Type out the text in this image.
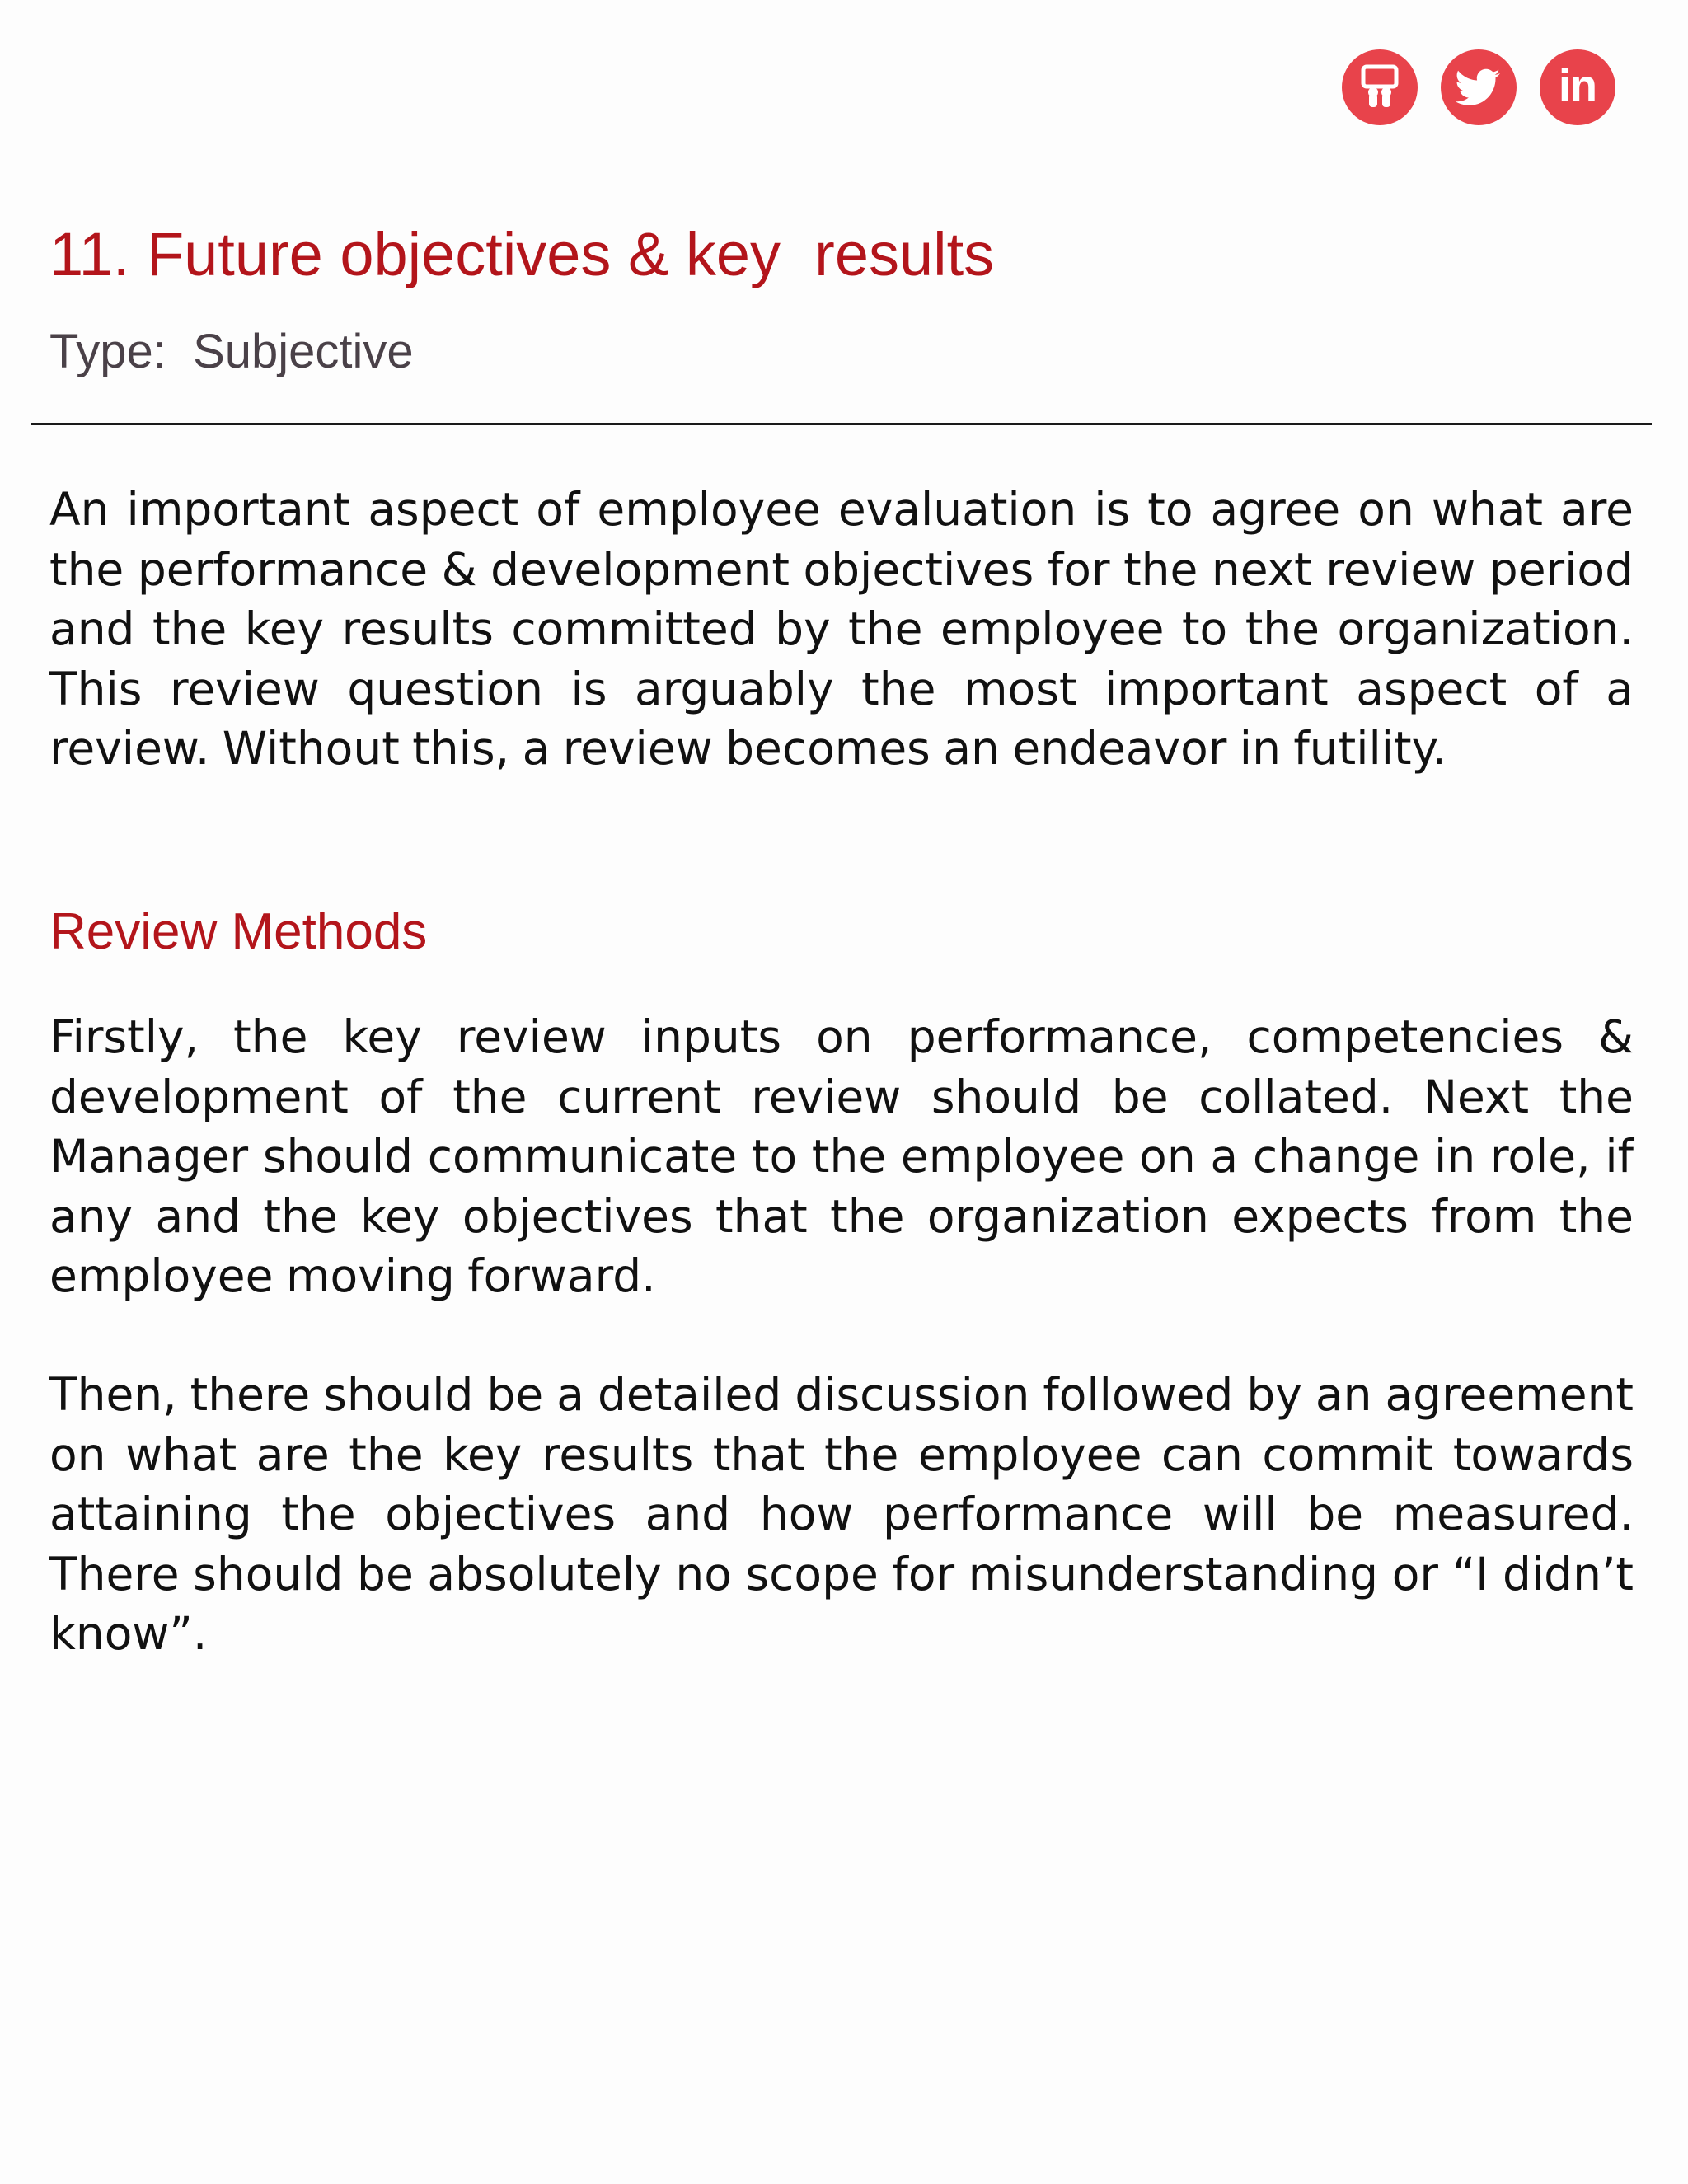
in
11. Future objectives & key  results

Type:  Subjective

An important aspect of employee evaluation is to agree on what are the performance & development objectives for the next review period and the key results committed by the employee to the organization. This review question is arguably the most important aspect of a review. Without this, a review becomes an endeavor in futility.

Review Methods

Firstly, the key review inputs on performance, competencies & development of the current review should be collated. Next the Manager should communicate to the employee on a change in role, if any and the key objectives that the organization expects from the employee moving forward.

Then, there should be a detailed discussion followed by an agreement on what are the key results that the employee can commit towards attaining the objectives and how performance will be measured. There should be absolutely no scope for misunderstanding or “I didn’t know”.
